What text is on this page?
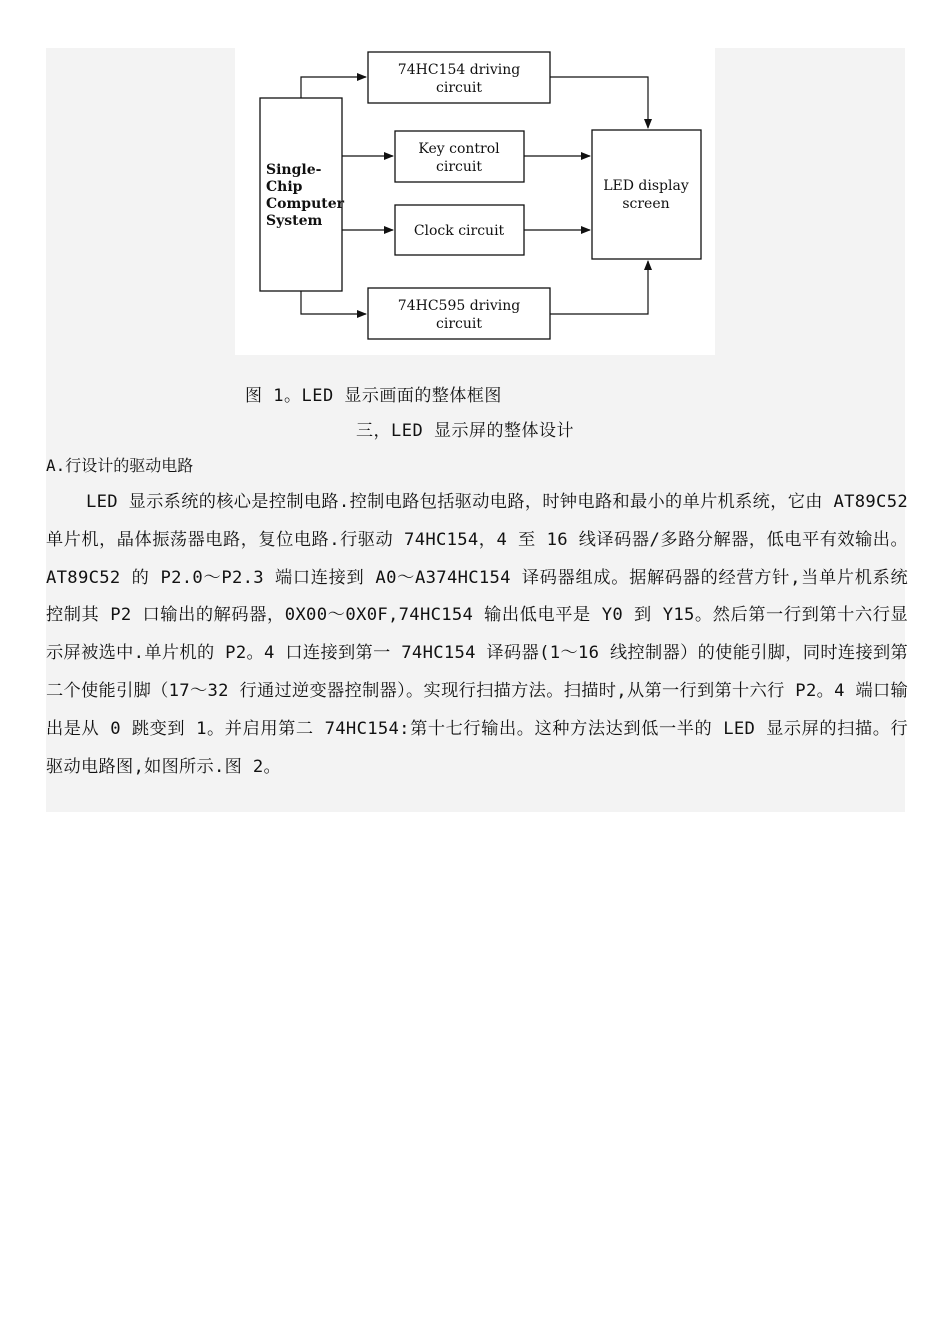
Single-
Chip
Computer
System
74HC154 driving
circuit
Key control
circuit
Clock circuit
74HC595 driving
circuit
LED display
screen
图 1。LED 显示画面的整体框图
三，LED 显示屏的整体设计
A.行设计的驱动电路
LED 显示系统的核心是控制电路.控制电路包括驱动电路，时钟电路和最小的单片机系统，它由 AT89C52 单片机，晶体振荡器电路，复位电路.行驱动 74HC154，4 至 16 线译码器/多路分解器，低电平有效输出。 AT89C52 的 P2.0～P2.3 端口连接到 A0～A374HC154 译码器组成。据解码器的经营方针,当单片机系统控制其 P2 口输出的解码器，0X00～0X0F,74HC154 输出低电平是 Y0 到 Y15。然后第一行到第十六行显示屏被选中.单片机的 P2。4 口连接到第一 74HC154 译码器(1～16 线控制器）的使能引脚，同时连接到第二个使能引脚（17～32 行通过逆变器控制器）。实现行扫描方法。扫描时,从第一行到第十六行 P2。4 端口输出是从 0 跳变到 1。并启用第二 74HC154:第十七行输出。这种方法达到低一半的 LED 显示屏的扫描。行驱动电路图,如图所示.图 2。
